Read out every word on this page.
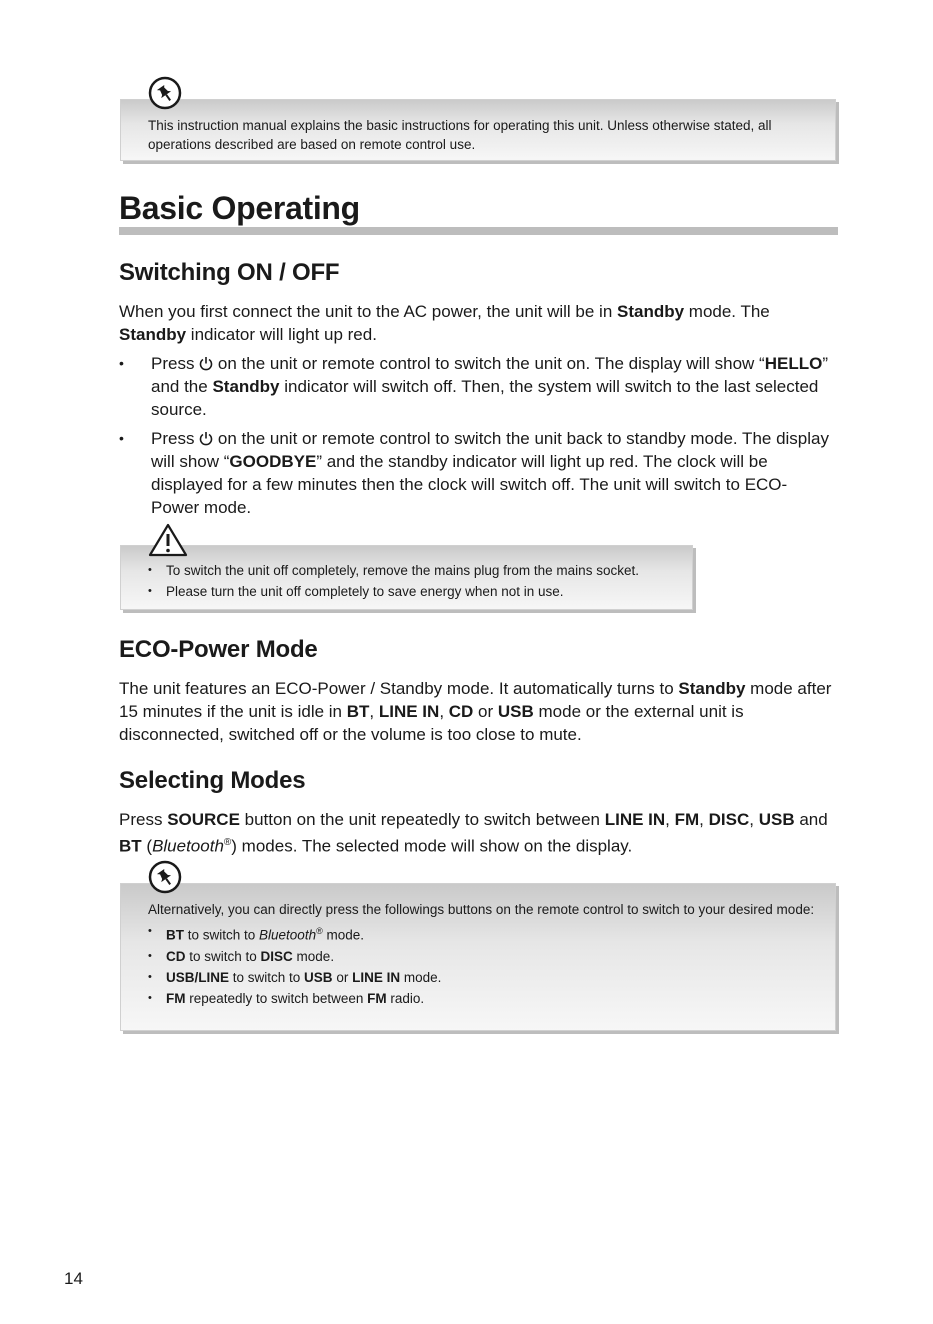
This instruction manual explains the basic instructions for operating this unit. Unless otherwise stated, all operations described are based on remote control use.
Basic Operating
Switching ON / OFF

When you first connect the unit to the AC power, the unit will be in Standby mode. The Standby indicator will light up red.

• Press  on the unit or remote control to switch the unit on. The display will show “HELLO” and the Standby indicator will switch off. Then, the system will switch to the last selected source.
• Press  on the unit or remote control to switch the unit back to standby mode. The display will show “GOODBYE” and the standby indicator will light up red. The clock will be displayed for a few minutes then the clock will switch off. The unit will switch to ECO-Power mode.
• To switch the unit off completely, remove the mains plug from the mains socket.
• Please turn the unit off completely to save energy when not in use.
ECO-Power Mode

The unit features an ECO-Power / Standby mode. It automatically turns to Standby mode after 15 minutes if the unit is idle in BT, LINE IN, CD or USB mode or the external unit is disconnected, switched off or the volume is too close to mute.

Selecting Modes

Press SOURCE button on the unit repeatedly to switch between LINE IN, FM, DISC, USB and BT (Bluetooth®) modes. The selected mode will show on the display.

Alternatively, you can directly press the followings buttons on the remote control to switch to your desired mode:
• BT to switch to Bluetooth® mode.
• CD to switch to DISC mode.
• USB/LINE to switch to USB or LINE IN mode.
• FM repeatedly to switch between FM radio.
14
